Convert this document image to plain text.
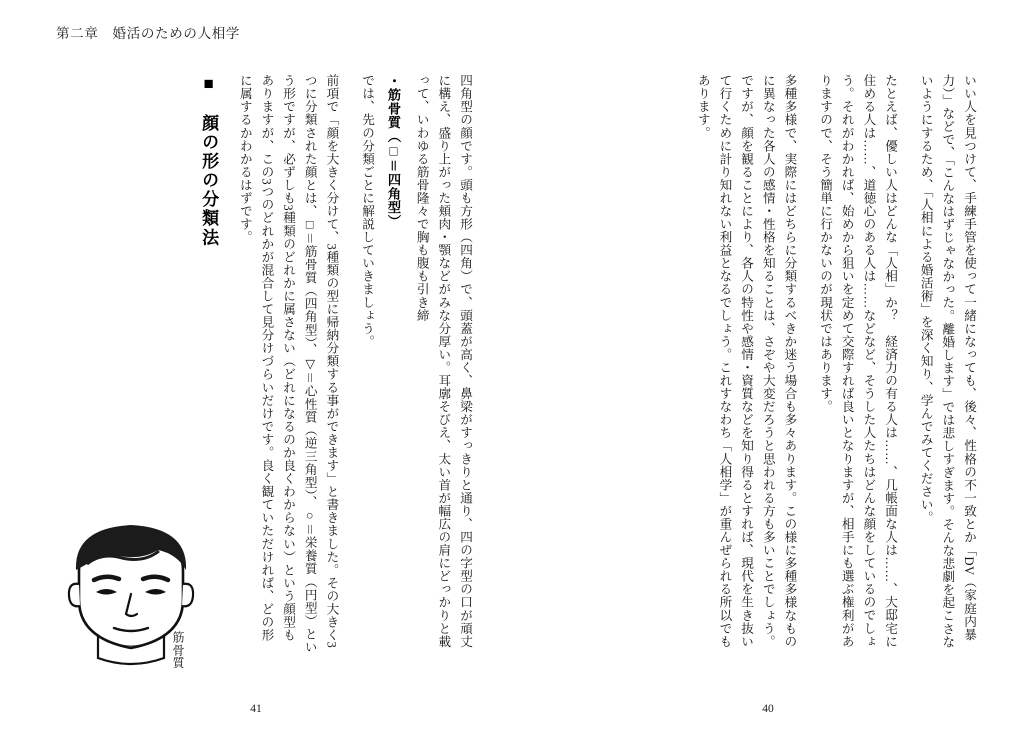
多種多様で、実際にはどちらに分類するべきか迷う場合も多々あります。この様に多種多様なものに異なった各人の感情・性格を知ることは、さぞや大変だろうと思われる方も多いことでしょう。ですが、顔を観ることにより、各人の特性や感情・資質などを知り得るとすれば、現代を生き抜いて行くために計り知れない利益となるでしょう。これすなわち「人相学」が重んぜられる所以でもあります。	たとえば、優しい人はどんな「人相」か？　経済力の有る人は……、几帳面な人は……、大邸宅に住める人は……、道徳心のある人は……などなど、そうした人たちはどんな顔をしているのでしょう。それがわかれば、始めから狙いを定めて交際すれば良いとなりますが、相手にも選ぶ権利がありますので、そう簡単に行かないのが現状ではあります。	いい人を見つけて、手練手管を使って一緒になっても、後々、性格の不一致とか「DV（家庭内暴力）」などで、「こんなはずじゃなかった。離婚します」では悲しすぎます。そんな悲劇を起こさないようにするため、「人相による婚活術」を深く知り、学んでみてください。
40
第二章 婚活のための人相学
■　顔の形の分類法	前項で「顔を大きく分けて、3種類の型に帰納分類する事ができます」と書きました。その大きく3つに分類された顔とは、□＝筋骨質（四角型）、▽＝心性質（逆三角型）、○＝栄養質（円型）という形ですが、必ずしも3種類のどれかに属さない（どれになるのか良くわからない）という顔型もありますが、この3つのどれかが混合して見分けづらいだけです。良く観ていただければ、どの形に属するかわかるはずです。	では、先の分類ごとに解説していきましょう。 ・筋骨質（□＝四角型）	四角型の顔です。頭も方形（四角）で、頭蓋が高く、鼻梁がすっきりと通り、四の字型の口が頑丈に構え、盛り上がった頬肉・顎などがみな分厚い。耳廓そびえ、太い首が幅広の肩にどっかりと載って、いわゆる筋骨隆々で胸も腹も引き締
筋骨質
41
